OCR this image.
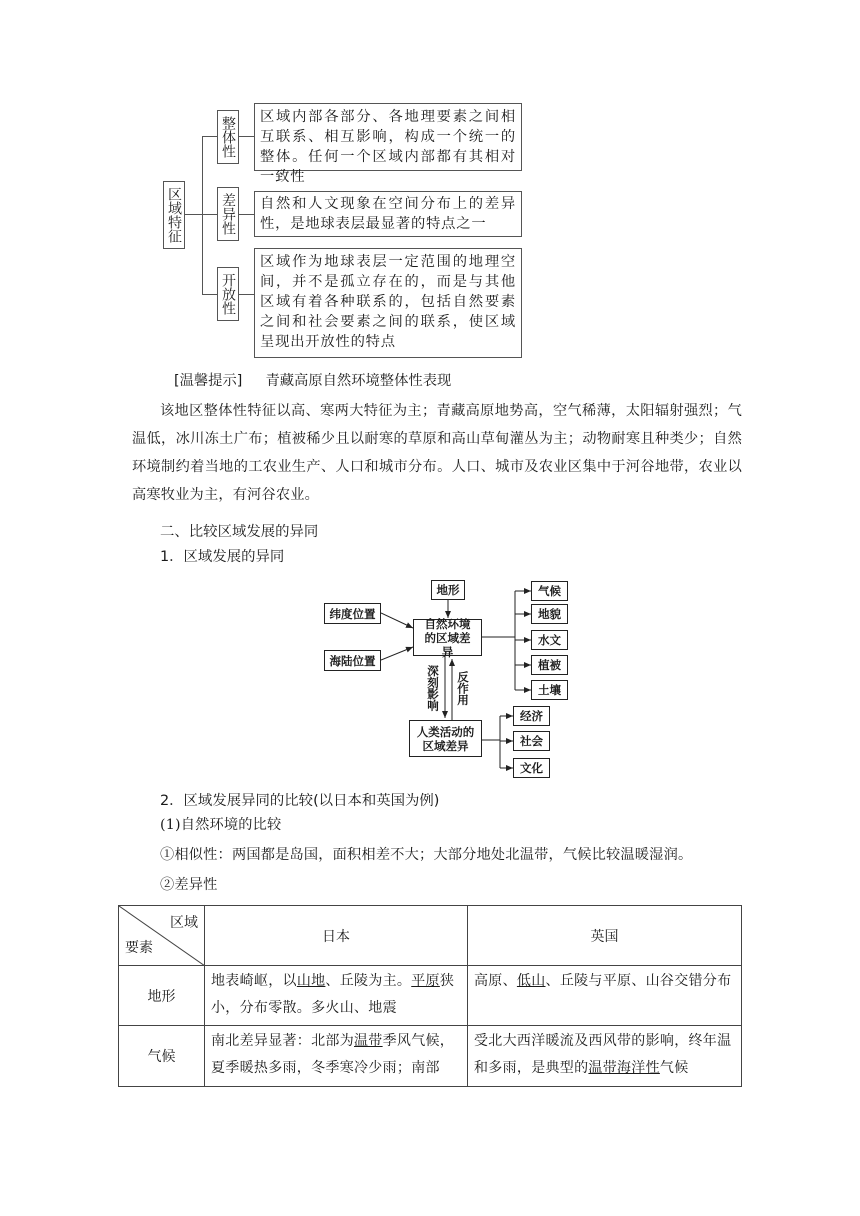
区域特征
整体性
差异性
开放性
区域内部各部分、各地理要素之间相互联系、相互影响，构成一个统一的整体。任何一个区域内部都有其相对一致性
自然和人文现象在空间分布上的差异性，是地球表层最显著的特点之一
区域作为地球表层一定范围的地理空间，并不是孤立存在的，而是与其他区域有着各种联系的，包括自然要素之间和社会要素之间的联系，使区域呈现出开放性的特点
[温馨提示] 青藏高原自然环境整体性表现
该地区整体性特征以高、寒两大特征为主；青藏高原地势高，空气稀薄，太阳辐射强烈；气温低，冰川冻土广布；植被稀少且以耐寒的草原和高山草甸灌丛为主；动物耐寒且种类少；自然环境制约着当地的工农业生产、人口和城市分布。人口、城市及农业区集中于河谷地带，农业以高寒牧业为主，有河谷农业。
二、比较区域发展的异同
1．区域发展的异同
地形
纬度位置
海陆位置
自然环境的区域差异
人类活动的区域差异
深刻影响 反作用
气候
地貌
水文
植被
土壤
经济
社会
文化
2．区域发展异同的比较(以日本和英国为例)
(1)自然环境的比较
①相似性：两国都是岛国，面积相差不大；大部分地处北温带，气候比较温暖湿润。
②差异性
区域
要素	日本	英国
地形	地表崎岖，以山地、丘陵为主。平原狭小，分布零散。多火山、地震	高原、低山、丘陵与平原、山谷交错分布

气候	南北差异显著：北部为温带季风气候，夏季暖热多雨，冬季寒冷少雨；南部	受北大西洋暖流及西风带的影响，终年温和多雨，是典型的温带海洋性气候
